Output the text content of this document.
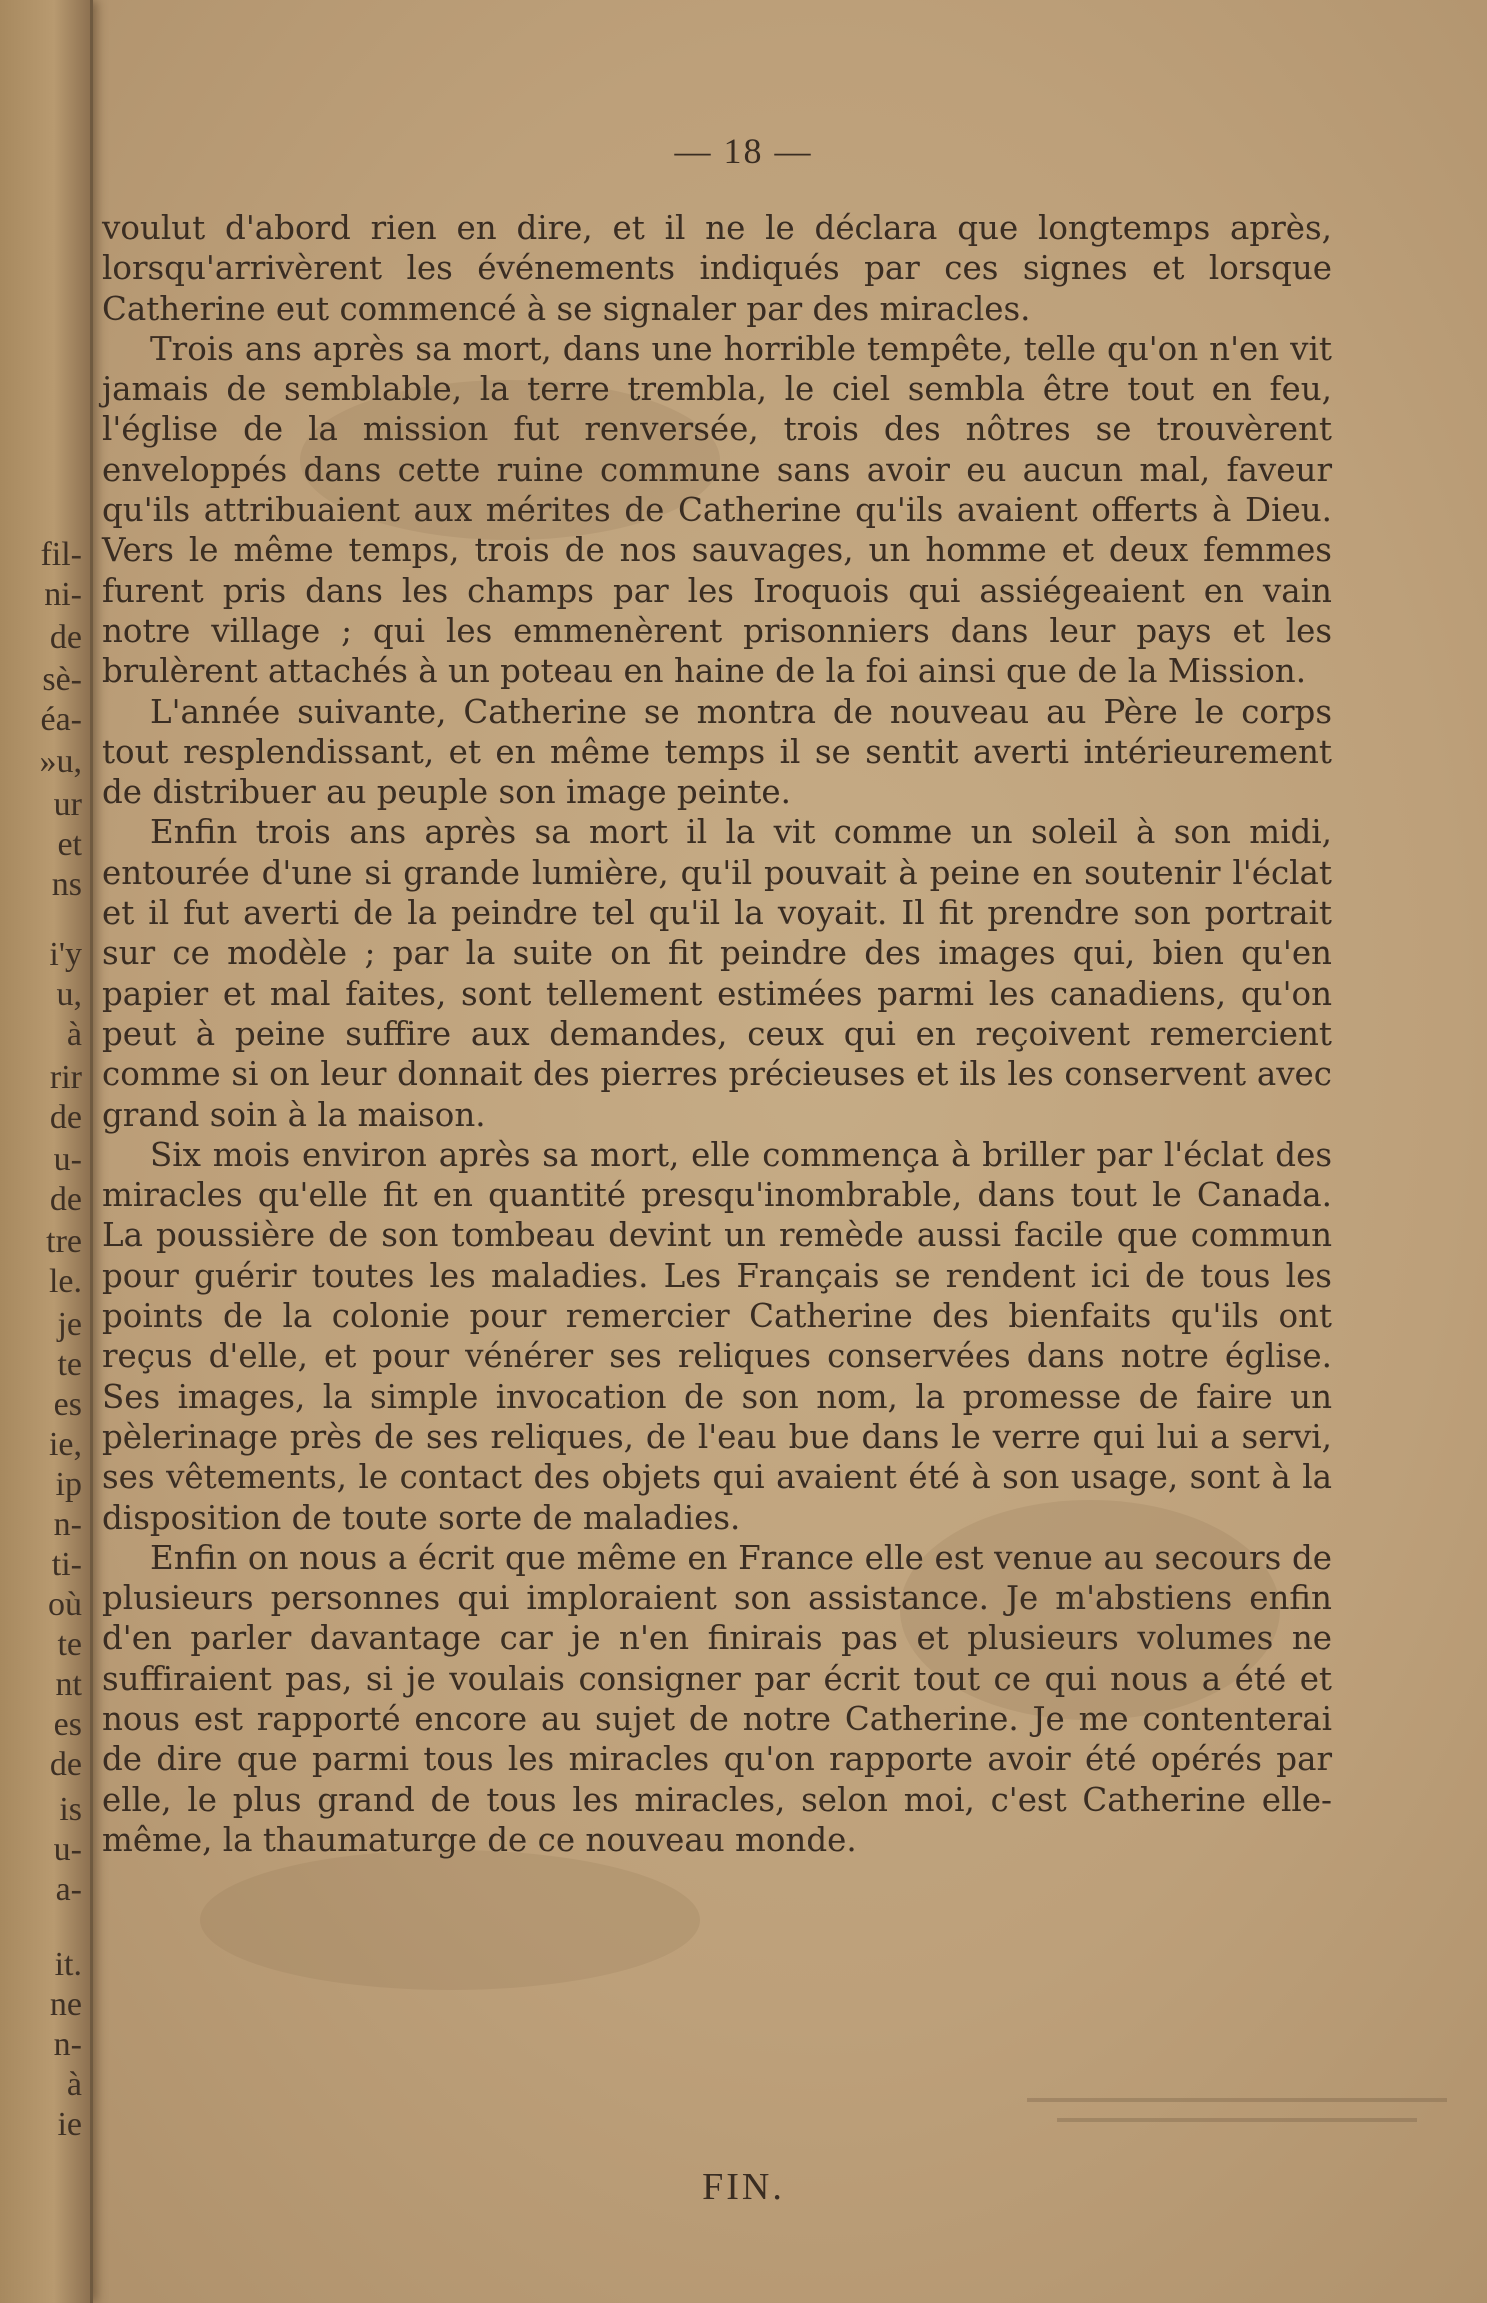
fil-
ni-
de
sè-
éa-
»u,
ur
et
ns
i'y
u,
à
rir
de
u-
de
tre
le.
je
te
es
ie,
ip
n-
ti-
où
te
nt
es
de
is
u-
a-
it.
ne
n-
à
ie
— 18 —

voulut d'abord rien en dire, et il ne le déclara que longtemps après, lorsqu'arrivèrent les événements indiqués par ces signes et lorsque Catherine eut commencé à se signaler par des miracles.

Trois ans après sa mort, dans une horrible tempête, telle qu'on n'en vit jamais de semblable, la terre trembla, le ciel sembla être tout en feu, l'église de la mission fut renversée, trois des nôtres se trouvèrent enveloppés dans cette ruine commune sans avoir eu aucun mal, faveur qu'ils attribuaient aux mérites de Catherine qu'ils avaient offerts à Dieu. Vers le même temps, trois de nos sauvages, un homme et deux femmes furent pris dans les champs par les Iroquois qui assiégeaient en vain notre village ; qui les emmenèrent prisonniers dans leur pays et les brulèrent attachés à un poteau en haine de la foi ainsi que de la Mission.

L'année suivante, Catherine se montra de nouveau au Père le corps tout resplendissant, et en même temps il se sentit averti intérieurement de distribuer au peuple son image peinte.

Enfin trois ans après sa mort il la vit comme un soleil à son midi, entourée d'une si grande lumière, qu'il pouvait à peine en soutenir l'éclat et il fut averti de la peindre tel qu'il la voyait. Il fit prendre son portrait sur ce modèle ; par la suite on fit peindre des images qui, bien qu'en papier et mal faites, sont tellement estimées parmi les canadiens, qu'on peut à peine suffire aux demandes, ceux qui en reçoivent remercient comme si on leur donnait des pierres précieuses et ils les conservent avec grand soin à la maison.

Six mois environ après sa mort, elle commença à briller par l'éclat des miracles qu'elle fit en quantité presqu'inombrable, dans tout le Canada. La poussière de son tombeau devint un remède aussi facile que commun pour guérir toutes les maladies. Les Français se rendent ici de tous les points de la colonie pour remercier Catherine des bienfaits qu'ils ont reçus d'elle, et pour vénérer ses reliques conservées dans notre église. Ses images, la simple invocation de son nom, la promesse de faire un pèlerinage près de ses reliques, de l'eau bue dans le verre qui lui a servi, ses vêtements, le contact des objets qui avaient été à son usage, sont à la disposition de toute sorte de maladies.

Enfin on nous a écrit que même en France elle est venue au secours de plusieurs personnes qui imploraient son assistance. Je m'abstiens enfin d'en parler davantage car je n'en finirais pas et plusieurs volumes ne suffiraient pas, si je voulais consigner par écrit tout ce qui nous a été et nous est rapporté encore au sujet de notre Catherine. Je me contenterai de dire que parmi tous les miracles qu'on rapporte avoir été opérés par elle, le plus grand de tous les miracles, selon moi, c'est Catherine elle-même, la thaumaturge de ce nouveau monde.

FIN.
